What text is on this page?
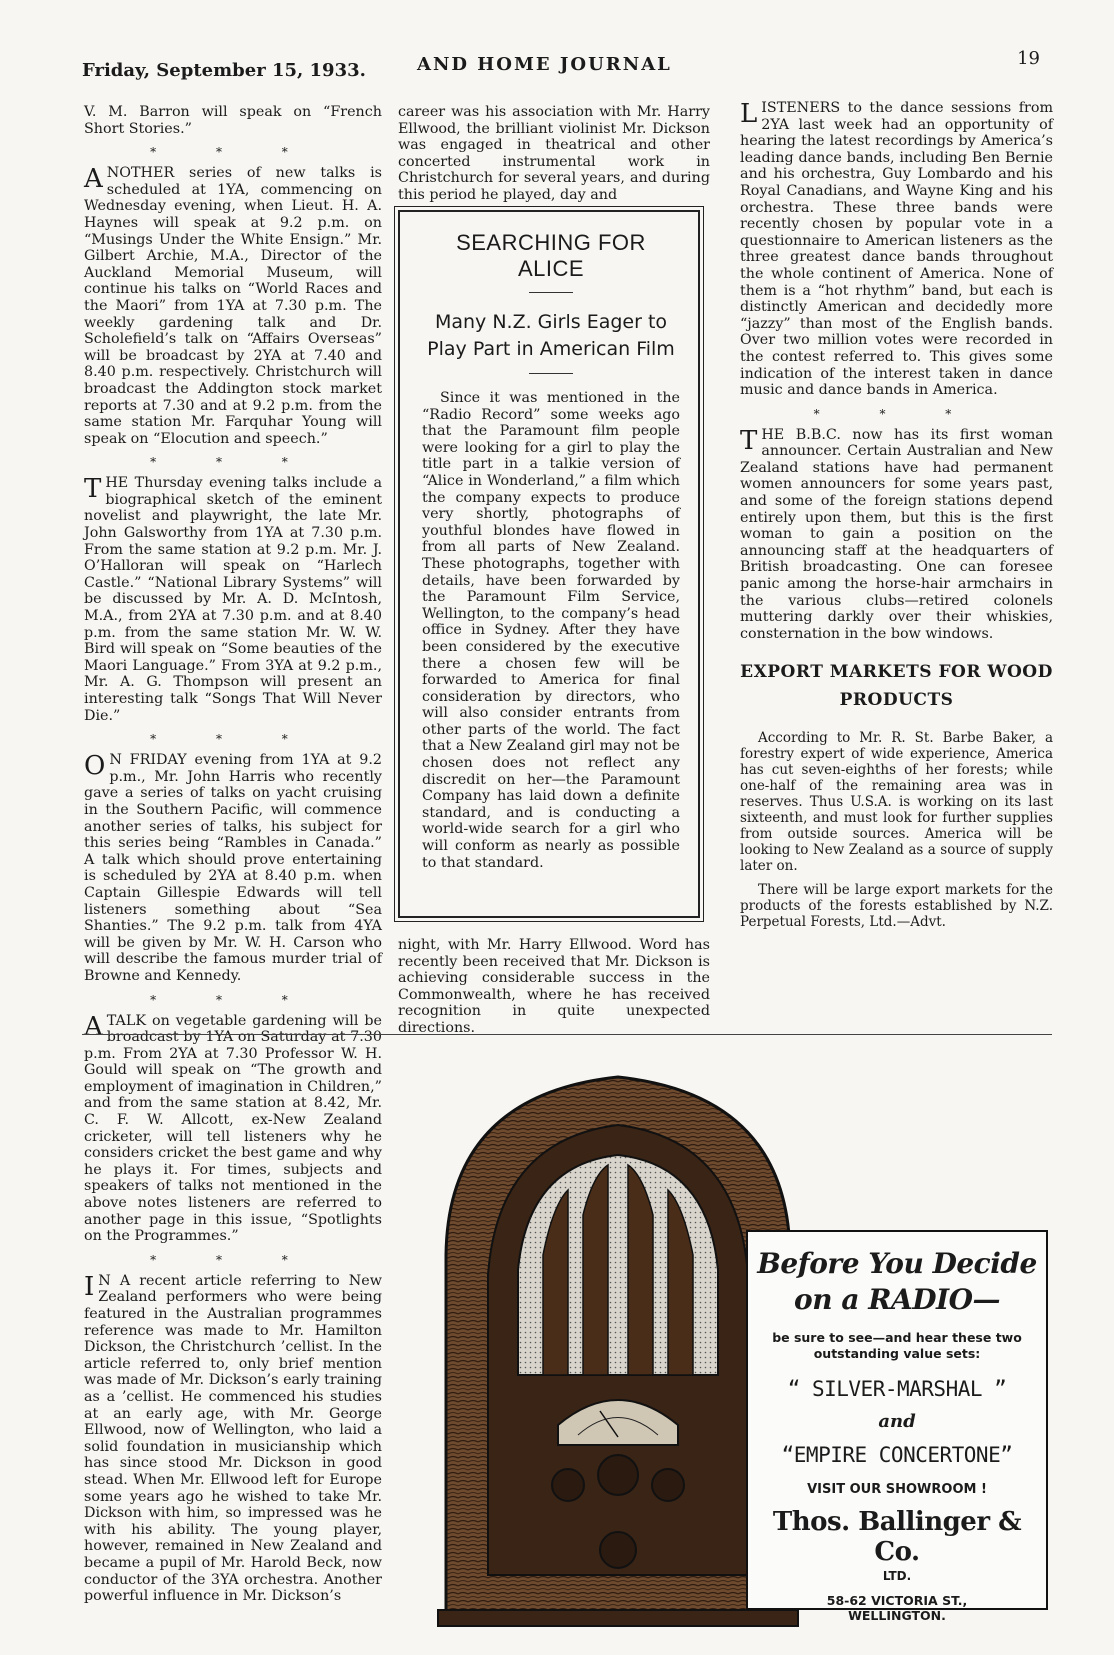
Friday, September 15, 1933.	AND HOME JOURNAL	19

V. M. Barron will speak on “French Short Stories.”

* * *

ANOTHER series of new talks is scheduled at 1YA, commencing on Wednesday evening, when Lieut. H. A. Haynes will speak at 9.2 p.m. on “Musings Under the White Ensign.” Mr. Gilbert Archie, M.A., Director of the Auckland Memorial Museum, will continue his talks on “World Races and the Maori” from 1YA at 7.30 p.m. The weekly gardening talk and Dr. Scholefield’s talk on “Affairs Overseas” will be broadcast by 2YA at 7.40 and 8.40 p.m. respectively. Christchurch will broadcast the Addington stock market reports at 7.30 and at 9.2 p.m. from the same station Mr. Farquhar Young will speak on “Elocution and speech.”

* * *

THE Thursday evening talks include a biographical sketch of the eminent novelist and playwright, the late Mr. John Galsworthy from 1YA at 7.30 p.m. From the same station at 9.2 p.m. Mr. J. O’Halloran will speak on “Harlech Castle.” “National Library Systems” will be discussed by Mr. A. D. McIntosh, M.A., from 2YA at 7.30 p.m. and at 8.40 p.m. from the same station Mr. W. W. Bird will speak on “Some beauties of the Maori Language.” From 3YA at 9.2 p.m., Mr. A. G. Thompson will present an interesting talk “Songs That Will Never Die.”

* * *

O N FRIDAY evening from 1YA at 9.2 p.m., Mr. John Harris who recently gave a series of talks on yacht cruising in the Southern Pacific, will commence another series of talks, his subject for this series being “Rambles in Canada.” A talk which should prove entertaining is scheduled by 2YA at 8.40 p.m. when Captain Gillespie Edwards will tell listeners something about “Sea Shanties.” The 9.2 p.m. talk from 4YA will be given by Mr. W. H. Carson who will describe the famous murder trial of Browne and Kennedy.

* * *

ATALK on vegetable gardening will be broadcast by 1YA on Saturday at 7.30 p.m. From 2YA at 7.30 Professor W. H. Gould will speak on “The growth and employment of imagination in Children,” and from the same station at 8.42, Mr. C. F. W. Allcott, ex-New Zealand cricketer, will tell listeners why he considers cricket the best game and why he plays it. For times, subjects and speakers of talks not mentioned in the above notes listeners are referred to another page in this issue, “Spotlights on the Programmes.”

* * *

I N A recent article referring to New Zealand performers who were being featured in the Australian programmes reference was made to Mr. Hamilton Dickson, the Christchurch ’cellist. In the article referred to, only brief mention was made of Mr. Dickson’s early training as a ’cellist. He commenced his studies at an early age, with Mr. George Ellwood, now of Wellington, who laid a solid foundation in musicianship which has since stood Mr. Dickson in good stead. When Mr. Ellwood left for Europe some years ago he wished to take Mr. Dickson with him, so impressed was he with his ability. The young player, however, remained in New Zealand and became a pupil of Mr. Harold Beck, now conductor of the 3YA orchestra. Another powerful influence in Mr. Dickson’s

career was his association with Mr. Harry Ellwood, the brilliant violinist Mr. Dickson was engaged in theatrical and other concerted instrumental work in Christchurch for several years, and during this period he played, day and

SEARCHING FOR ALICE

Many N.Z. Girls Eager to Play Part in American Film

Since it was mentioned in the “Radio Record” some weeks ago that the Paramount film people were looking for a girl to play the title part in a talkie version of “Alice in Wonderland,” a film which the company expects to produce very shortly, photographs of youthful blondes have flowed in from all parts of New Zealand. These photographs, together with details, have been forwarded by the Paramount Film Service, Wellington, to the company’s head office in Sydney. After they have been considered by the executive there a chosen few will be forwarded to America for final consideration by directors, who will also consider entrants from other parts of the world. The fact that a New Zealand girl may not be chosen does not reflect any discredit on her—the Paramount Company has laid down a definite standard, and is conducting a world-wide search for a girl who will conform as nearly as possible to that standard.

night, with Mr. Harry Ellwood. Word has recently been received that Mr. Dickson is achieving considerable success in the Commonwealth, where he has received recognition in quite unexpected directions.

LISTENERS to the dance sessions from 2YA last week had an opportunity of hearing the latest recordings by America’s leading dance bands, including Ben Bernie and his orchestra, Guy Lombardo and his Royal Canadians, and Wayne King and his orchestra. These three bands were recently chosen by popular vote in a questionnaire to American listeners as the three greatest dance bands throughout the whole continent of America. None of them is a “hot rhythm” band, but each is distinctly American and decidedly more “jazzy” than most of the English bands. Over two million votes were recorded in the contest referred to. This gives some indication of the interest taken in dance music and dance bands in America.

* * *

THE B.B.C. now has its first woman announcer. Certain Australian and New Zealand stations have had permanent women announcers for some years past, and some of the foreign stations depend entirely upon them, but this is the first woman to gain a position on the announcing staff at the headquarters of British broadcasting. One can foresee panic among the horse-hair armchairs in the various clubs—retired colonels muttering darkly over their whiskies, consternation in the bow windows.

EXPORT MARKETS FOR WOOD PRODUCTS

According to Mr. R. St. Barbe Baker, a forestry expert of wide experience, America has cut seven-eighths of her forests; while one-half of the remaining area was in reserves. Thus U.S.A. is working on its last sixteenth, and must look for further supplies from outside sources. America will be looking to New Zealand as a source of supply later on.

There will be large export markets for the products of the forests established by N.Z. Perpetual Forests, Ltd.—Advt.

Before You Decide

on a RADIO—

be sure to see—and hear these two outstanding value sets:

“ SILVER-MARSHAL ”

and

“EMPIRE CONCERTONE”

VISIT OUR SHOWROOM !

Thos. Ballinger & Co.

LTD.

58-62 VICTORIA ST.,

WELLINGTON.
